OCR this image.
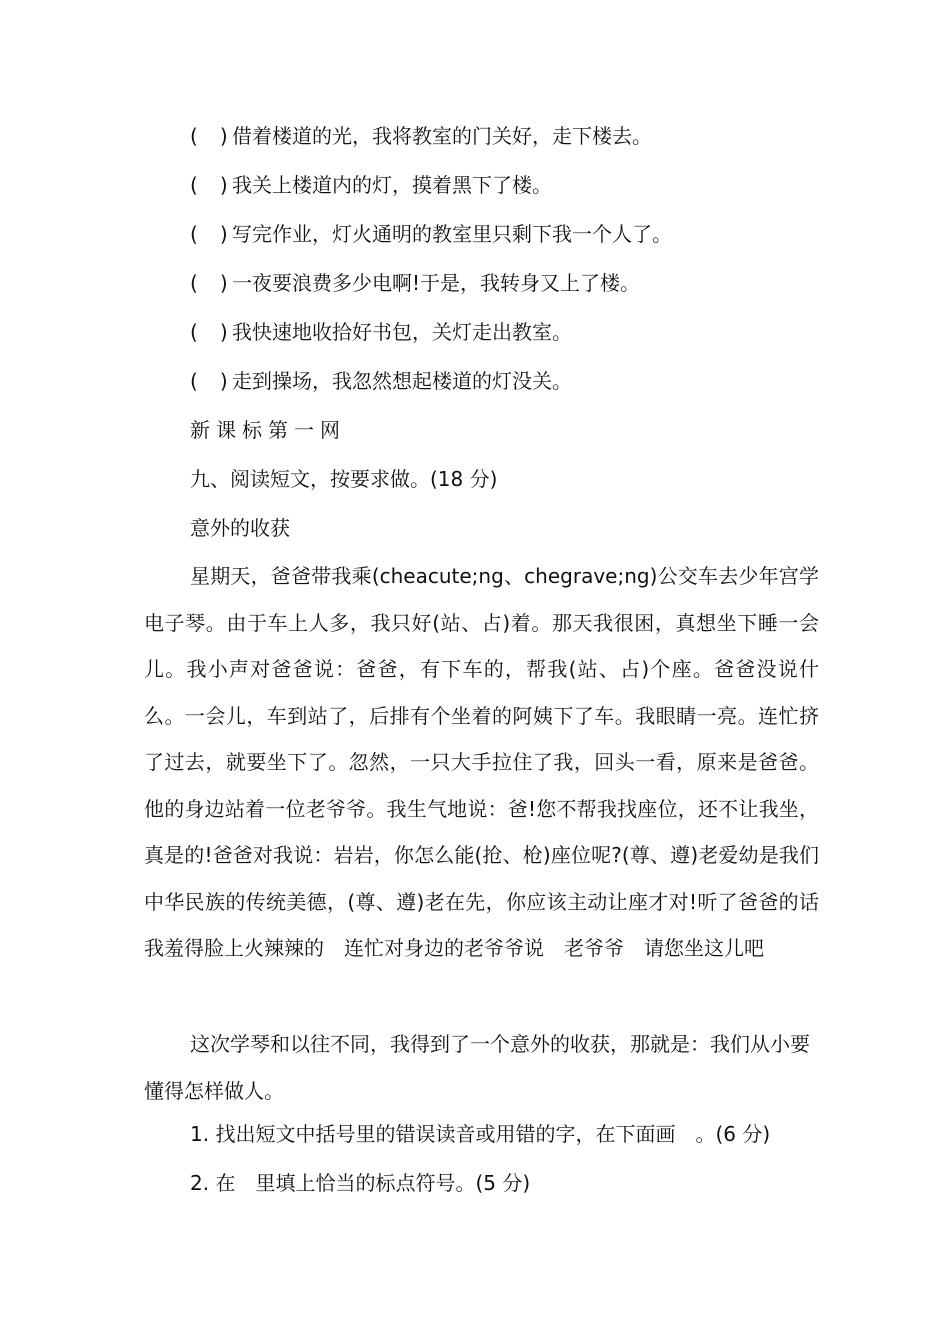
( ) 借着楼道的光，我将教室的门关好，走下楼去。
( ) 我关上楼道内的灯，摸着黑下了楼。
( ) 写完作业，灯火通明的教室里只剩下我一个人了。
( ) 一夜要浪费多少电啊!于是，我转身又上了楼。
( ) 我快速地收拾好书包，关灯走出教室。
( ) 走到操场，我忽然想起楼道的灯没关。
新课标第一网
九、阅读短文，按要求做。(18 分)
意外的收获
星期天，爸爸带我乘(cheacute;ng、chegrave;ng)公交车去少年宫学电子琴。由于车上人多，我只好(站、占)着。那天我很困，真想坐下睡一会儿。我小声对爸爸说：爸爸，有下车的，帮我(站、占)个座。爸爸没说什么。一会儿，车到站了，后排有个坐着的阿姨下了车。我眼睛一亮。连忙挤了过去，就要坐下了。忽然，一只大手拉住了我，回头一看，原来是爸爸。他的身边站着一位老爷爷。我生气地说：爸!您不帮我找座位，还不让我坐，真是的!爸爸对我说：岩岩，你怎么能(抢、枪)座位呢?(尊、遵)老爱幼是我们中华民族的传统美德，(尊、遵)老在先，你应该主动让座才对!听了爸爸的话　我羞得脸上火辣辣的　连忙对身边的老爷爷说　老爷爷　请您坐这儿吧
这次学琴和以往不同，我得到了一个意外的收获，那就是：我们从小要懂得怎样做人。
1. 找出短文中括号里的错误读音或用错的字，在下面画　。(6 分)
2. 在　里填上恰当的标点符号。(5 分)
